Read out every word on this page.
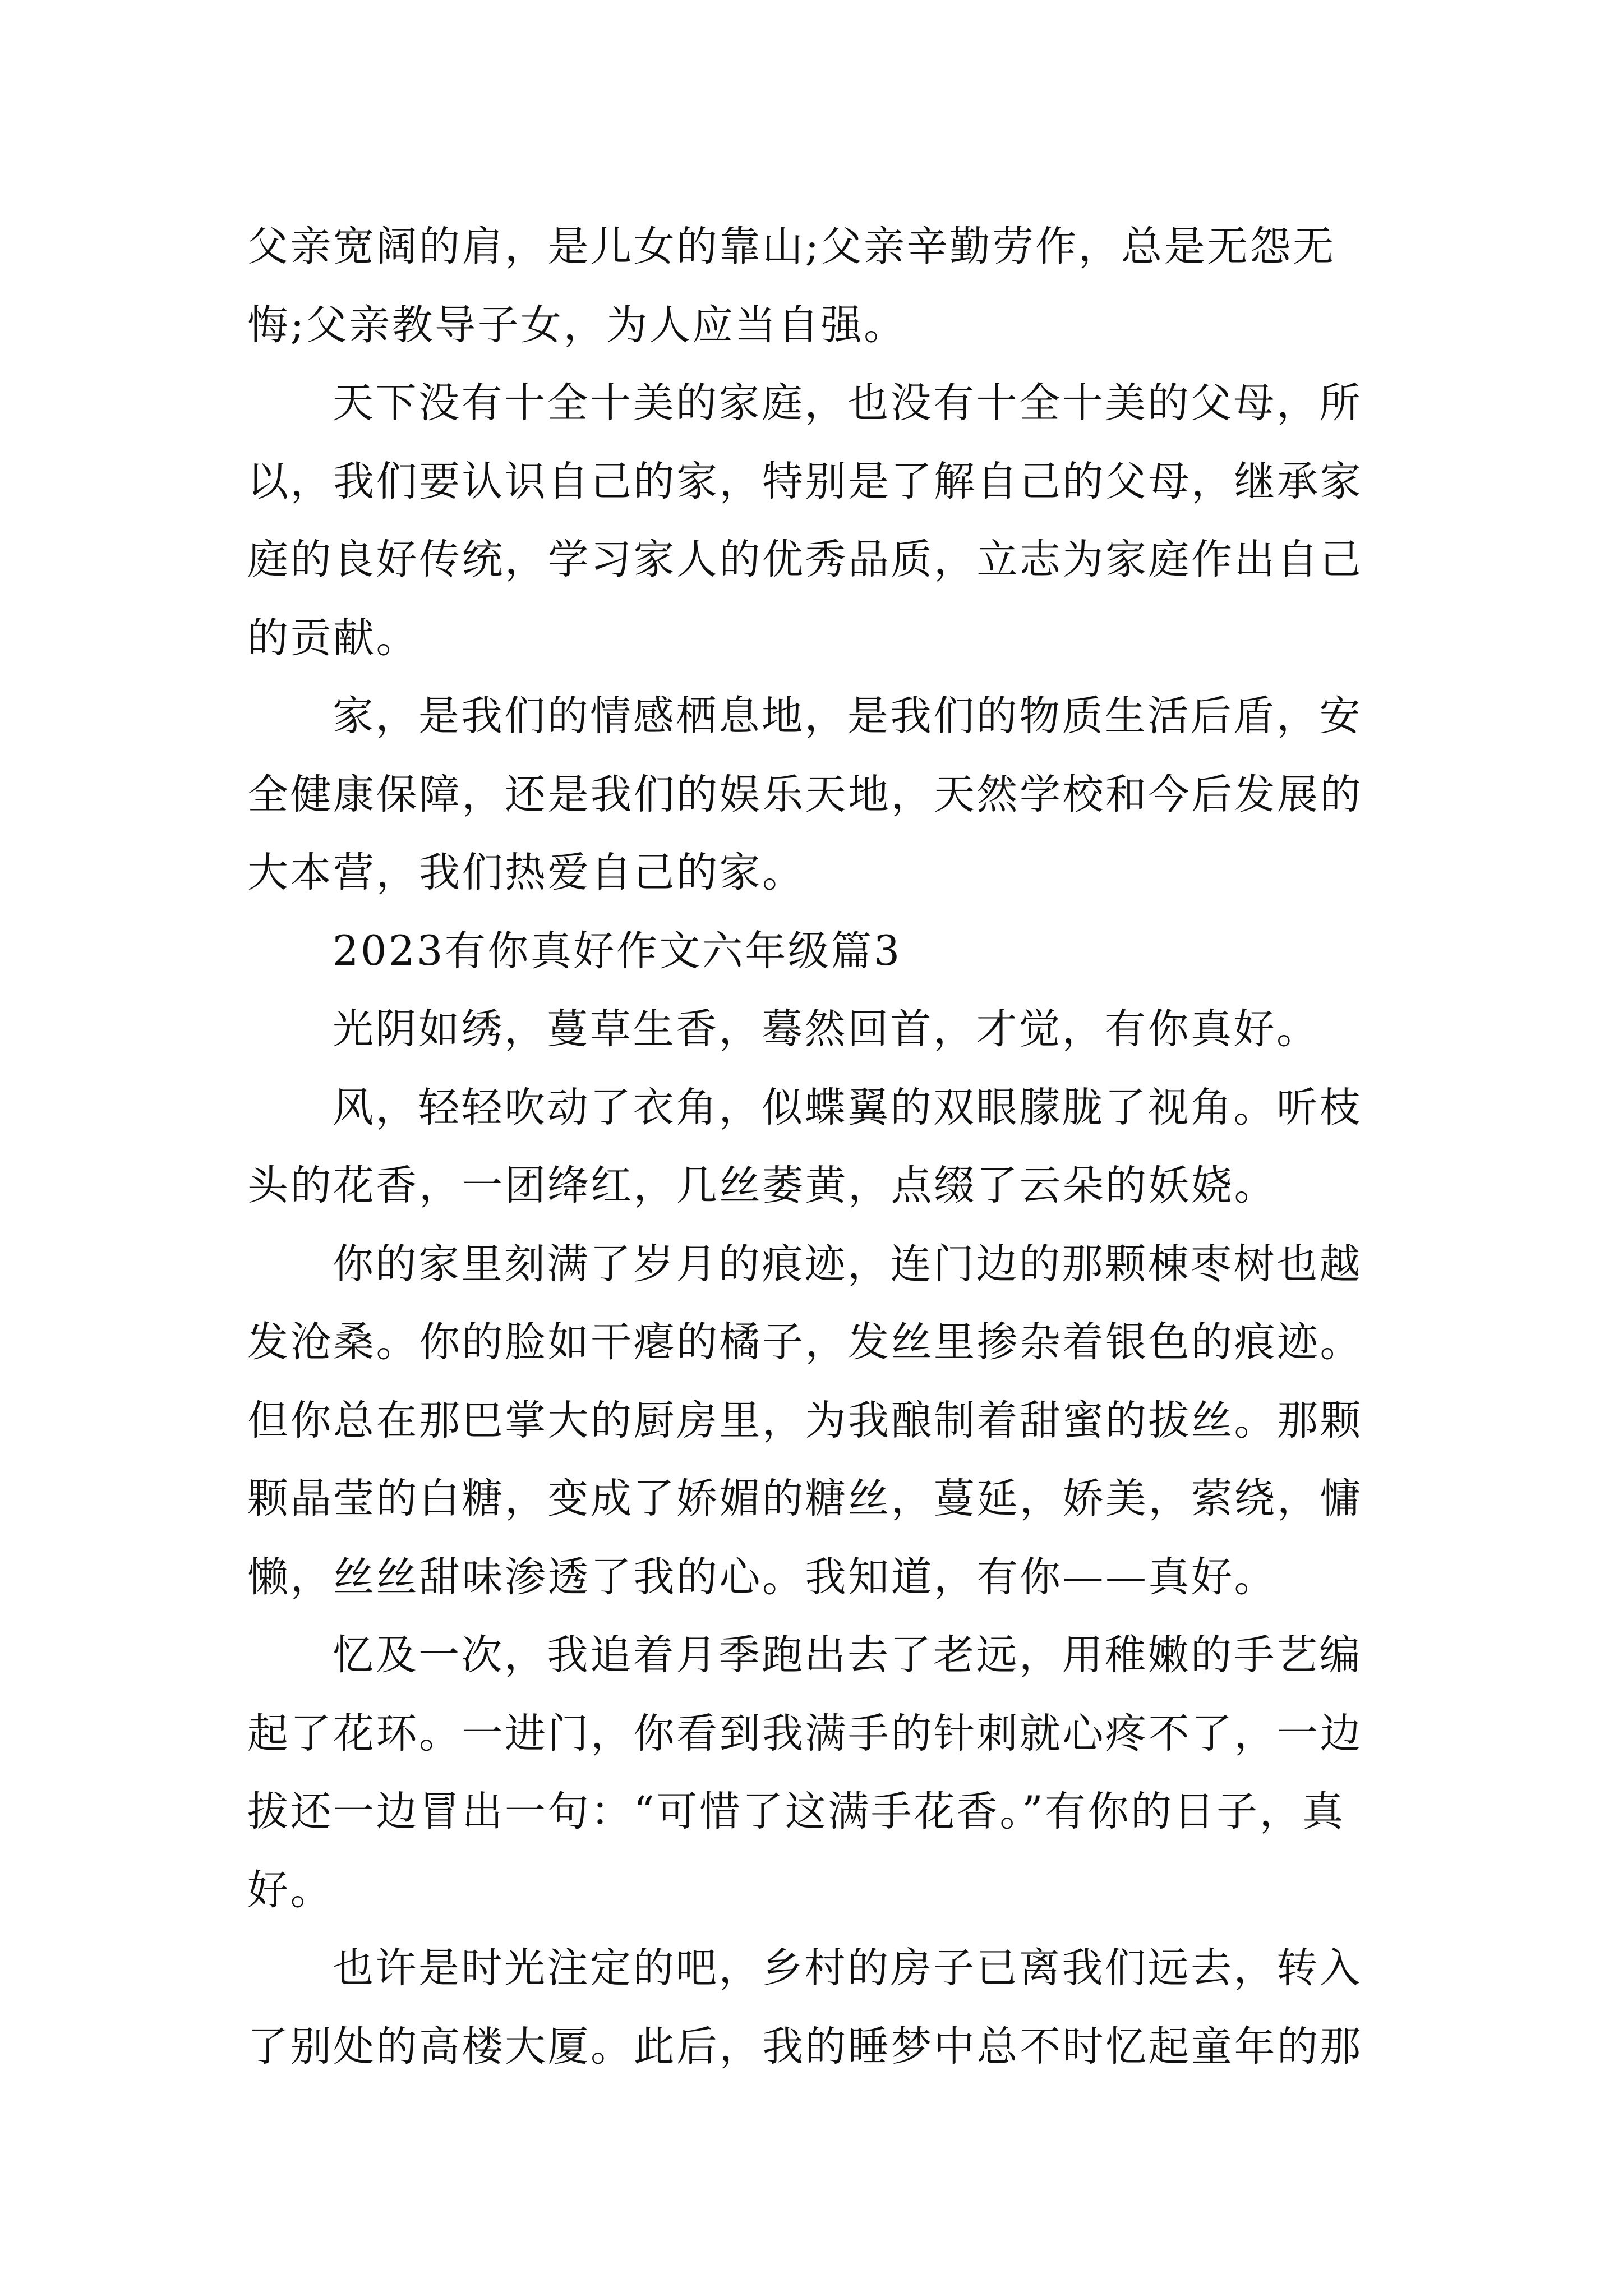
父亲宽阔的肩，是儿女的靠山;父亲辛勤劳作，总是无怨无
悔;父亲教导子女，为人应当自强。
天下没有十全十美的家庭，也没有十全十美的父母，所
以，我们要认识自己的家，特别是了解自己的父母，继承家
庭的良好传统，学习家人的优秀品质，立志为家庭作出自己
的贡献。
家，是我们的情感栖息地，是我们的物质生活后盾，安
全健康保障，还是我们的娱乐天地，天然学校和今后发展的
大本营，我们热爱自己的家。
2023有你真好作文六年级篇3
光阴如绣，蔓草生香，蓦然回首，才觉，有你真好。
风，轻轻吹动了衣角，似蝶翼的双眼朦胧了视角。听枝
头的花香，一团绛红，几丝萎黄，点缀了云朵的妖娆。
你的家里刻满了岁月的痕迹，连门边的那颗棟枣树也越
发沧桑。你的脸如干瘪的橘子，发丝里掺杂着银色的痕迹。
但你总在那巴掌大的厨房里，为我酿制着甜蜜的拔丝。那颗
颗晶莹的白糖，变成了娇媚的糖丝，蔓延，娇美，萦绕，慵
懒，丝丝甜味渗透了我的心。我知道，有你——真好。
忆及一次，我追着月季跑出去了老远，用稚嫩的手艺编
起了花环。一进门，你看到我满手的针刺就心疼不了，一边
拔还一边冒出一句：“可惜了这满手花香。”有你的日子，真
好。
也许是时光注定的吧，乡村的房子已离我们远去，转入
了别处的高楼大厦。此后，我的睡梦中总不时忆起童年的那
